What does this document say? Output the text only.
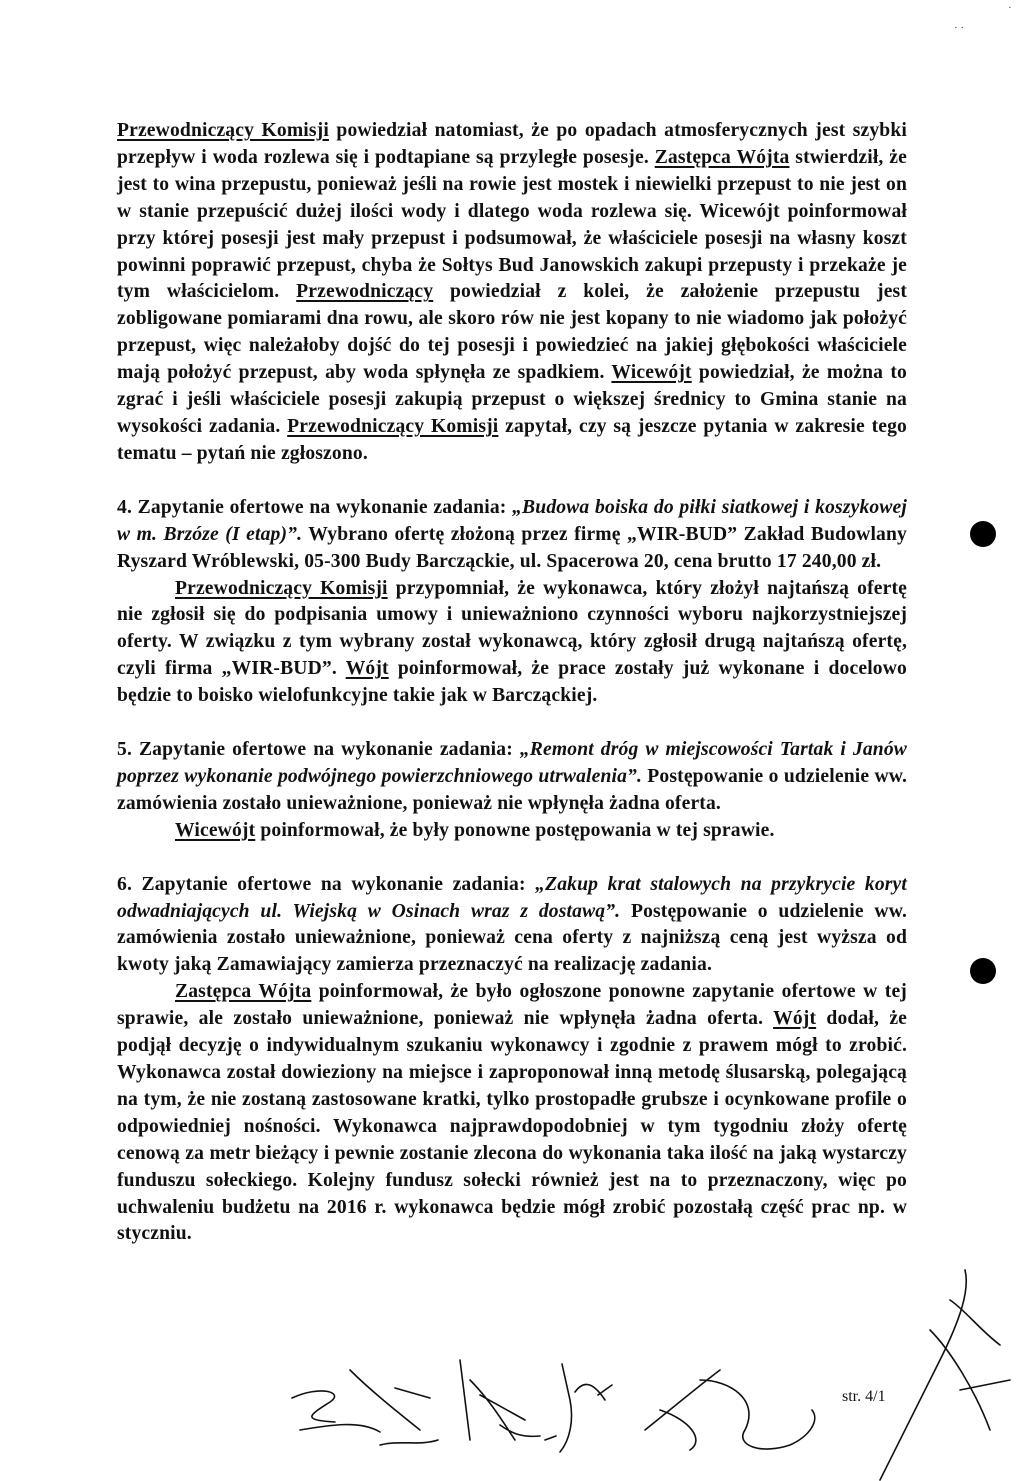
· ·
·

Przewodniczący Komisji powiedział natomiast, że po opadach atmosferycznych jest szybki przepływ i woda rozlewa się i podtapiane są przyległe posesje. Zastępca Wójta stwierdził, że jest to wina przepustu, ponieważ jeśli na rowie jest mostek i niewielki przepust to nie jest on w stanie przepuścić dużej ilości wody i dlatego woda rozlewa się. Wicewójt poinformował przy której posesji jest mały przepust i podsumował, że właściciele posesji na własny koszt powinni poprawić przepust, chyba że Sołtys Bud Janowskich zakupi przepusty i przekaże je tym właścicielom. Przewodniczący powiedział z kolei, że założenie przepustu jest zobligowane pomiarami dna rowu, ale skoro rów nie jest kopany to nie wiadomo jak położyć przepust, więc należałoby dojść do tej posesji i powiedzieć na jakiej głębokości właściciele mają położyć przepust, aby woda spłynęła ze spadkiem. Wicewójt powiedział, że można to zgrać i jeśli właściciele posesji zakupią przepust o większej średnicy to Gmina stanie na wysokości zadania. Przewodniczący Komisji zapytał, czy są jeszcze pytania w zakresie tego tematu – pytań nie zgłoszono.

4. Zapytanie ofertowe na wykonanie zadania: „Budowa boiska do piłki siatkowej i koszykowej w m. Brzóze (I etap)”. Wybrano ofertę złożoną przez firmę „WIR-BUD” Zakład Budowlany Ryszard Wróblewski, 05-300 Budy Barcząckie, ul. Spacerowa 20, cena brutto 17 240,00 zł.

Przewodniczący Komisji przypomniał, że wykonawca, który złożył najtańszą ofertę nie zgłosił się do podpisania umowy i unieważniono czynności wyboru najkorzystniejszej oferty. W związku z tym wybrany został wykonawcą, który zgłosił drugą najtańszą ofertę, czyli firma „WIR-BUD”. Wójt poinformował, że prace zostały już wykonane i docelowo będzie to boisko wielofunkcyjne takie jak w Barcząckiej.

5. Zapytanie ofertowe na wykonanie zadania: „Remont dróg w miejscowości Tartak i Janów poprzez wykonanie podwójnego powierzchniowego utrwalenia”. Postępowanie o udzielenie ww. zamówienia zostało unieważnione, ponieważ nie wpłynęła żadna oferta.

Wicewójt poinformował, że były ponowne postępowania w tej sprawie.

6. Zapytanie ofertowe na wykonanie zadania: „Zakup krat stalowych na przykrycie koryt odwadniających ul. Wiejską w Osinach wraz z dostawą”. Postępowanie o udzielenie ww. zamówienia zostało unieważnione, ponieważ cena oferty z najniższą ceną jest wyższa od kwoty jaką Zamawiający zamierza przeznaczyć na realizację zadania.

Zastępca Wójta poinformował, że było ogłoszone ponowne zapytanie ofertowe w tej sprawie, ale zostało unieważnione, ponieważ nie wpłynęła żadna oferta. Wójt dodał, że podjął decyzję o indywidualnym szukaniu wykonawcy i zgodnie z prawem mógł to zrobić. Wykonawca został dowieziony na miejsce i zaproponował inną metodę ślusarską, polegającą na tym, że nie zostaną zastosowane kratki, tylko prostopadłe grubsze i ocynkowane profile o odpowiedniej nośności. Wykonawca najprawdopodobniej w tym tygodniu złoży ofertę cenową za metr bieżący i pewnie zostanie zlecona do wykonania taka ilość na jaką wystarczy funduszu sołeckiego. Kolejny fundusz sołecki również jest na to przeznaczony, więc po uchwaleniu budżetu na 2016 r. wykonawca będzie mógł zrobić pozostałą część prac np. w styczniu.

str. 4/1
